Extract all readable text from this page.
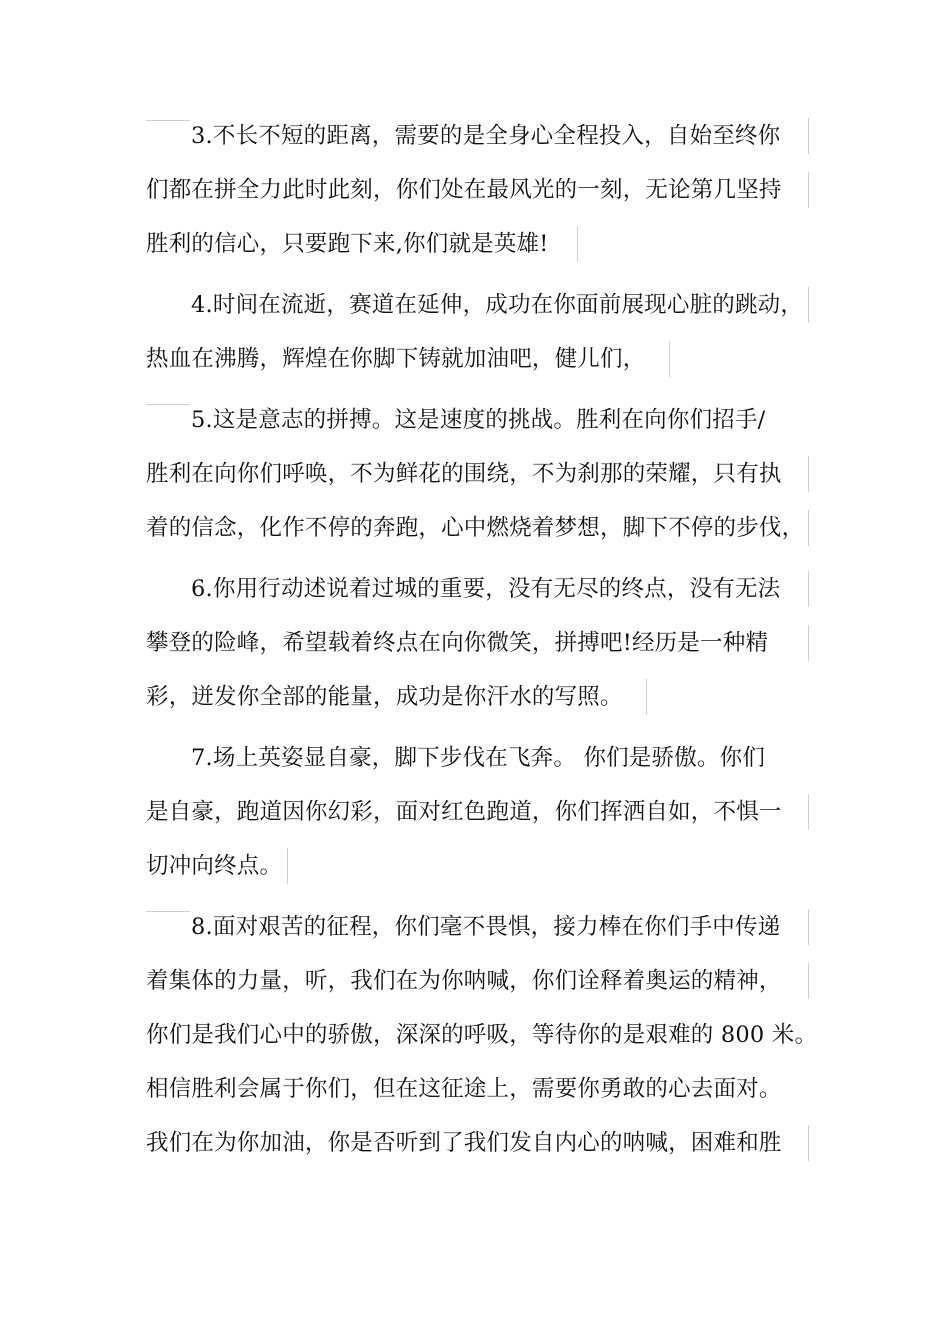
3.不长不短的距离，需要的是全身心全程投入，自始至终你
们都在拼全力此时此刻，你们处在最风光的一刻，无论第几坚持
胜利的信心，只要跑下来,你们就是英雄!
4.时间在流逝，赛道在延伸，成功在你面前展现心脏的跳动，
热血在沸腾，辉煌在你脚下铸就加油吧，健儿们，
5.这是意志的拼搏。这是速度的挑战。胜利在向你们招手/
胜利在向你们呼唤，不为鲜花的围绕，不为刹那的荣耀，只有执
着的信念，化作不停的奔跑，心中燃烧着梦想，脚下不停的步伐，
6.你用行动述说着过城的重要，没有无尽的终点，没有无法
攀登的险峰，希望载着终点在向你微笑，拼搏吧!经历是一种精
彩，迸发你全部的能量，成功是你汗水的写照。
7.场上英姿显自豪，脚下步伐在飞奔。 你们是骄傲。你们
是自豪，跑道因你幻彩，面对红色跑道，你们挥洒自如，不惧一
切冲向终点。
8.面对艰苦的征程，你们毫不畏惧，接力棒在你们手中传递
着集体的力量，听，我们在为你呐喊，你们诠释着奥运的精神，
你们是我们心中的骄傲，深深的呼吸，等待你的是艰难的 800 米。
相信胜利会属于你们，但在这征途上，需要你勇敢的心去面对。
我们在为你加油，你是否听到了我们发自内心的呐喊，困难和胜
